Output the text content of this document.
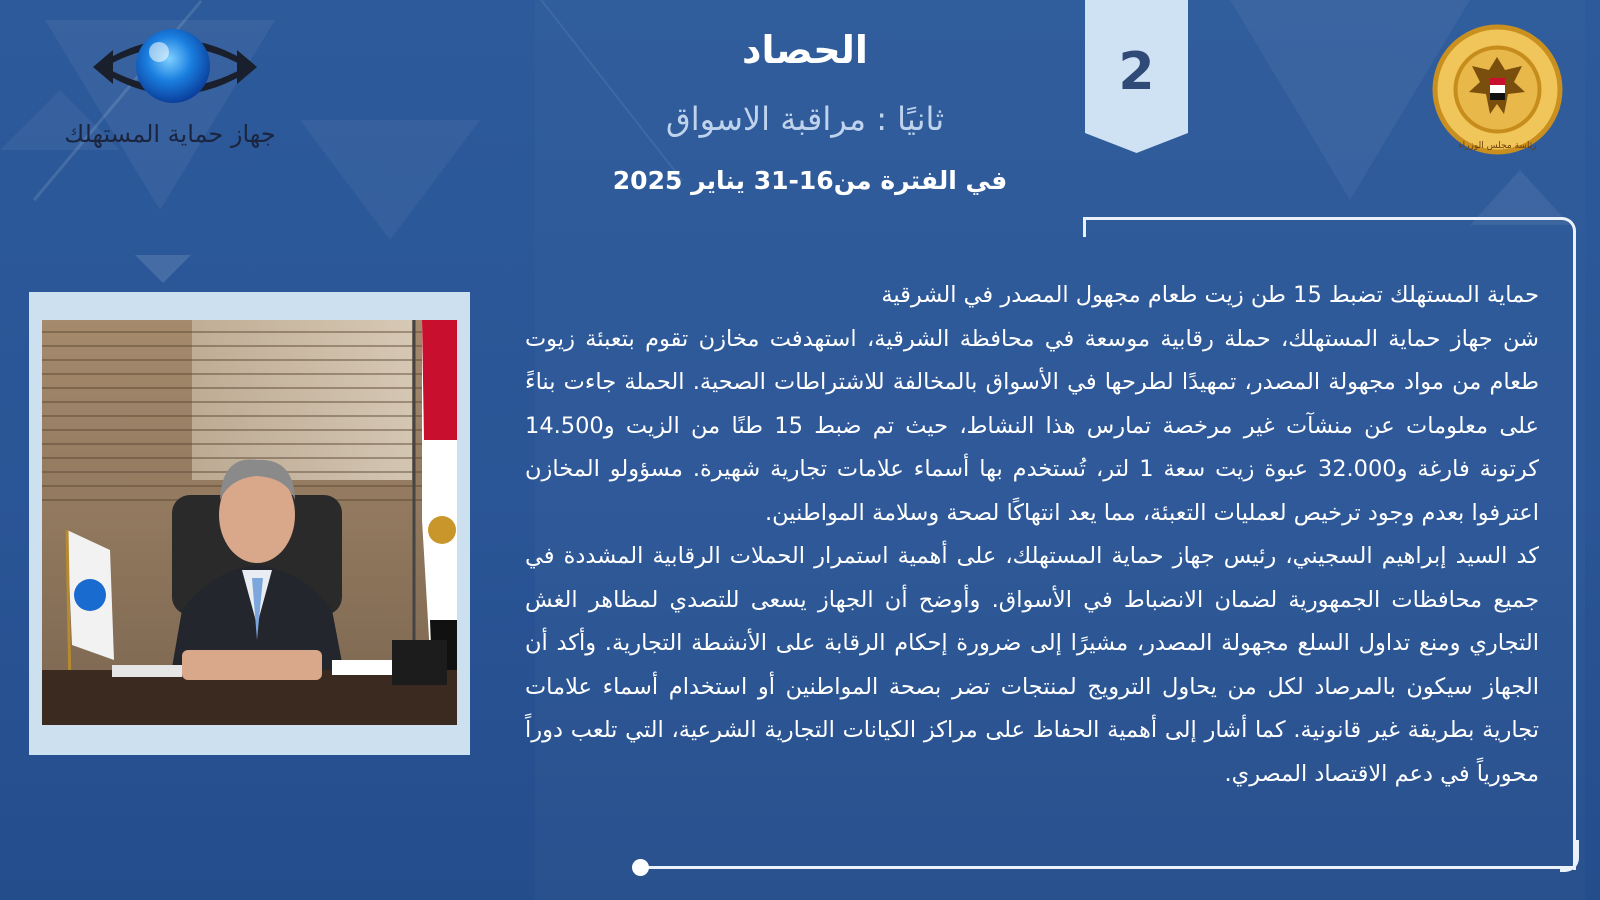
جهاز حماية المستهلك
2
رئاسة مجلس الوزراء
الحصاد
ثانيًا : مراقبة الاسواق
في الفترة من16-31 يناير 2025

حماية المستهلك تضبط 15 طن زيت طعام مجهول المصدر في الشرقية

شن جهاز حماية المستهلك، حملة رقابية موسعة في محافظة الشرقية، استهدفت مخازن تقوم بتعبئة زيوت طعام من مواد مجهولة المصدر، تمهيدًا لطرحها في الأسواق بالمخالفة للاشتراطات الصحية. الحملة جاءت بناءً على معلومات عن منشآت غير مرخصة تمارس هذا النشاط، حيث تم ضبط 15 طنًا من الزيت و14.500 كرتونة فارغة و32.000 عبوة زيت سعة 1 لتر، تُستخدم بها أسماء علامات تجارية شهيرة. مسؤولو المخازن اعترفوا بعدم وجود ترخيص لعمليات التعبئة، مما يعد انتهاكًا لصحة وسلامة المواطنين.

كد السيد إبراهيم السجيني، رئيس جهاز حماية المستهلك، على أهمية استمرار الحملات الرقابية المشددة في جميع محافظات الجمهورية لضمان الانضباط في الأسواق. وأوضح أن الجهاز يسعى للتصدي لمظاهر الغش التجاري ومنع تداول السلع مجهولة المصدر، مشيرًا إلى ضرورة إحكام الرقابة على الأنشطة التجارية. وأكد أن الجهاز سيكون بالمرصاد لكل من يحاول الترويج لمنتجات تضر بصحة المواطنين أو استخدام أسماء علامات تجارية بطريقة غير قانونية. كما أشار إلى أهمية الحفاظ على مراكز الكيانات التجارية الشرعية، التي تلعب دوراً محورياً في دعم الاقتصاد المصري.
